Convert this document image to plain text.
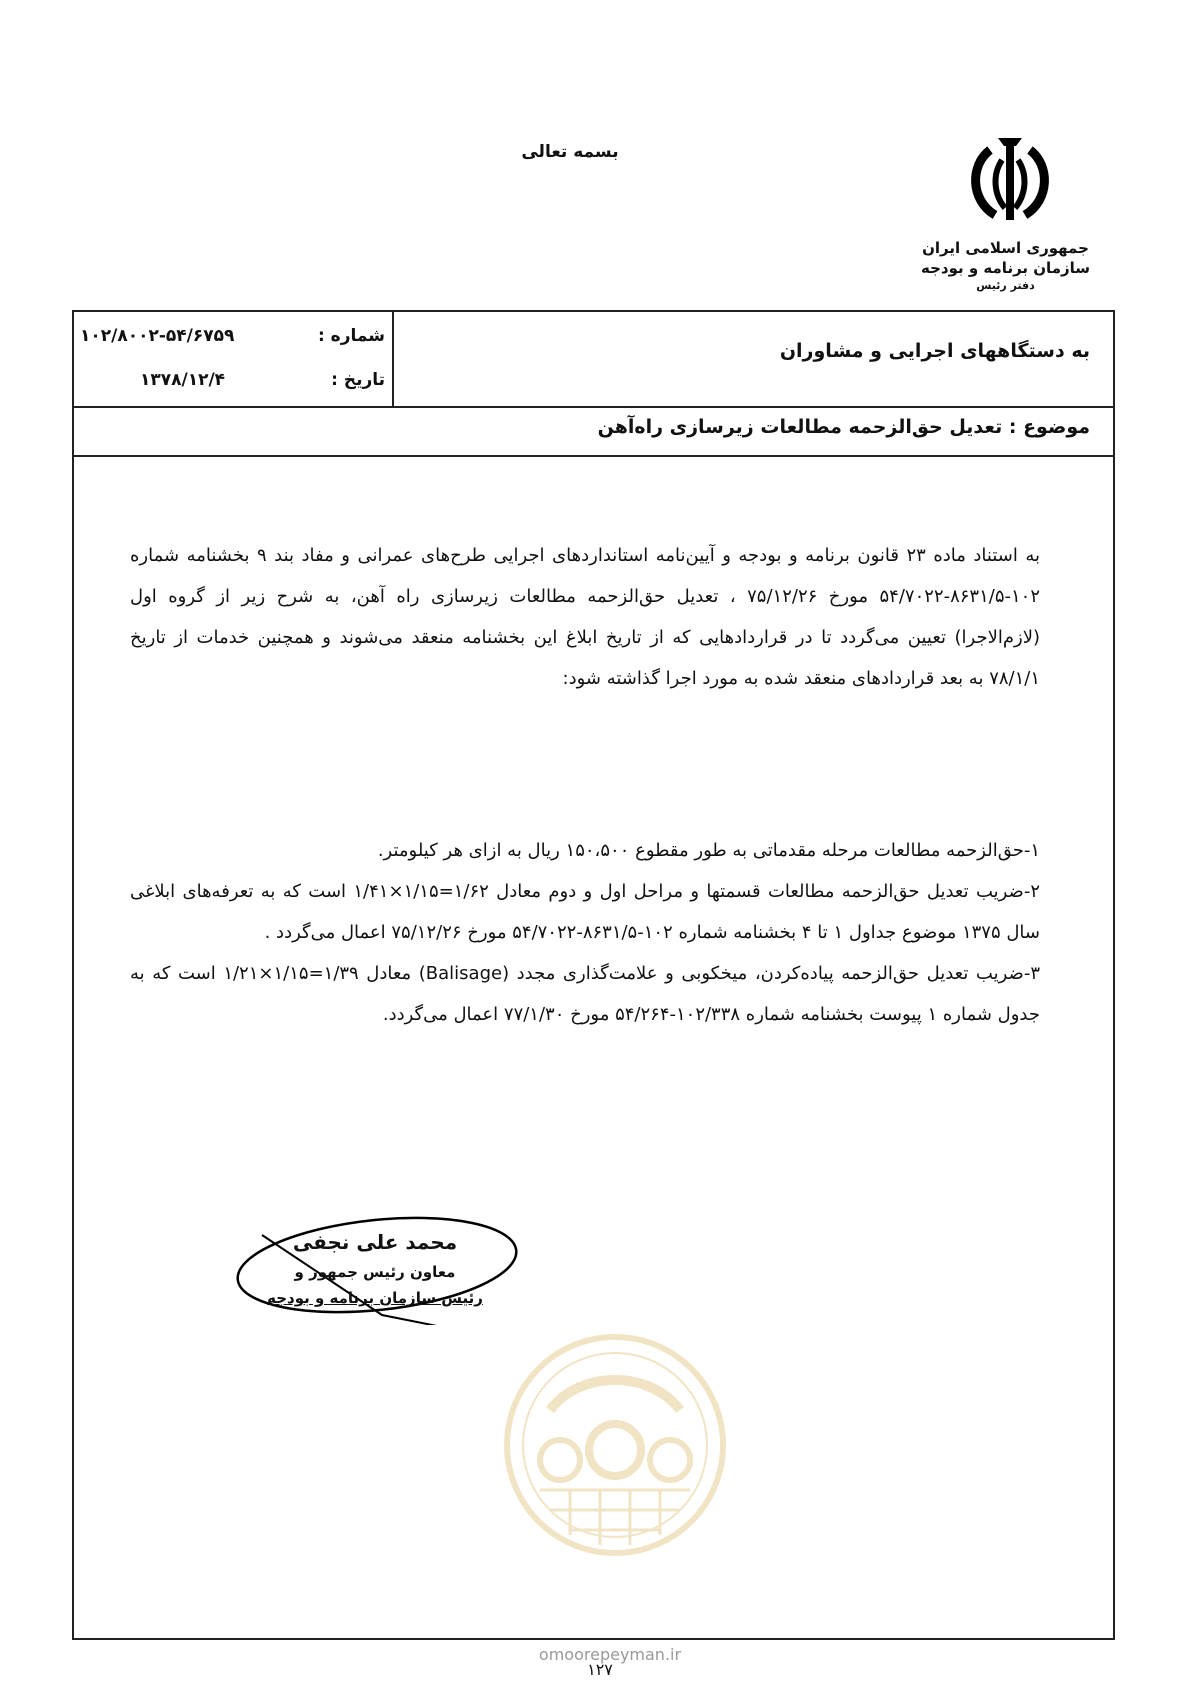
بسمه تعالی
جمهوری اسلامی ایران
سازمان برنامه و بودجه
دفتر رئیس
شماره :
۱۰۲/۸۰۰۲-۵۴/۶۷۵۹
تاریخ :
۱۳۷۸/۱۲/۴
به دستگاههای اجرایی و مشاوران
موضوع : تعدیل حق‌الزحمه مطالعات زیرسازی راه‌آهن

به استناد ماده ۲۳ قانون برنامه و بودجه و آیین‌نامه استانداردهای اجرایی طرح‌های عمرانی و مفاد بند ۹ بخشنامه شماره ۱۰۲-۸۶۳۱/۵-۵۴/۷۰۲۲ مورخ ۷۵/۱۲/۲۶ ، تعدیل حق‌الزحمه مطالعات زیرسازی راه آهن، به شرح زیر از گروه اول (لازم‌الاجرا) تعیین می‌گردد تا در قراردادهایی که از تاریخ ابلاغ این بخشنامه منعقد می‌شوند و همچنین خدمات از تاریخ ۷۸/۱/۱ به بعد قراردادهای منعقد شده به مورد اجرا گذاشته شود:

۱-حق‌الزحمه مطالعات مرحله مقدماتی به طور مقطوع ۱۵۰،۵۰۰ ریال به ازای هر کیلومتر.

۲-ضریب تعدیل حق‌الزحمه مطالعات قسمتها و مراحل اول و دوم معادل ۱/۶۲=۱/۱۵×۱/۴۱ است که به تعرفه‌های ابلاغی سال ۱۳۷۵ موضوع جداول ۱ تا ۴ بخشنامه شماره ۱۰۲-۸۶۳۱/۵-۵۴/۷۰۲۲ مورخ ۷۵/۱۲/۲۶ اعمال می‌گردد .

۳-ضریب تعدیل حق‌الزحمه پیاده‌کردن، میخکوبی و علامت‌گذاری مجدد (Balisage) معادل ۱/۳۹=۱/۱۵×۱/۲۱ است که به جدول شماره ۱ پیوست بخشنامه شماره ۱۰۲/۳۳۸-۵۴/۲۶۴ مورخ ۷۷/۱/۳۰ اعمال می‌گردد.

محمد علی نجفی
معاون رئیس جمهور و
رئیس سازمان برنامه و بودجه
omoorepeyman.ir
۱۲۷
